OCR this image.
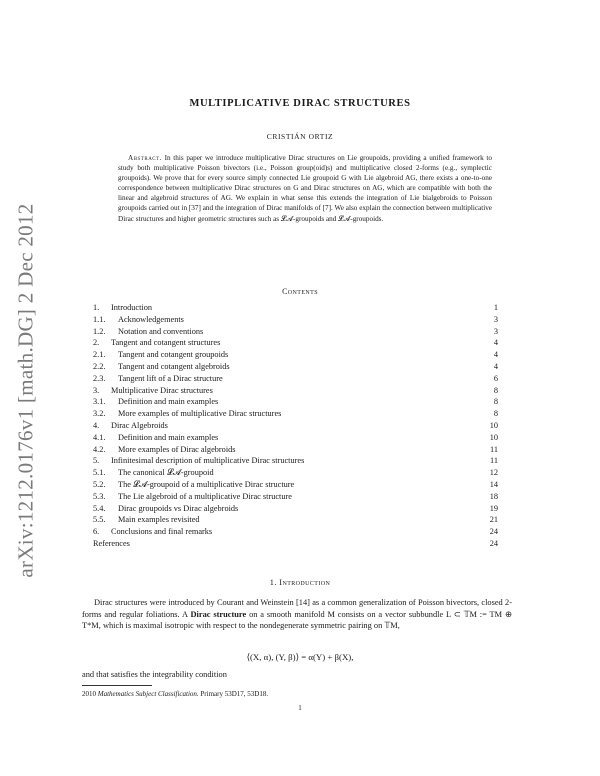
arXiv:1212.0176v1 [math.DG] 2 Dec 2012
MULTIPLICATIVE DIRAC STRUCTURES
CRISTIÁN ORTIZ
Abstract. In this paper we introduce multiplicative Dirac structures on Lie groupoids, providing a unified framework to study both multiplicative Poisson bivectors (i.e., Poisson group(oid)s) and multiplicative closed 2-forms (e.g., symplectic groupoids). We prove that for every source simply connected Lie groupoid G with Lie algebroid AG, there exists a one-to-one correspondence between multiplicative Dirac structures on G and Dirac structures on AG, which are compatible with both the linear and algebroid structures of AG. We explain in what sense this extends the integration of Lie bialgebroids to Poisson groupoids carried out in [37] and the integration of Dirac manifolds of [7]. We also explain the connection between multiplicative Dirac structures and higher geometric structures such as 𝓛𝓐-groupoids and 𝓛𝓐-groupoids.
Contents
1. Introduction	1
1.1. Acknowledgements	3
1.2. Notation and conventions	3
2. Tangent and cotangent structures	4
2.1. Tangent and cotangent groupoids	4
2.2. Tangent and cotangent algebroids	4
2.3. Tangent lift of a Dirac structure	6
3. Multiplicative Dirac structures	8
3.1. Definition and main examples	8
3.2. More examples of multiplicative Dirac structures	8
4. Dirac Algebroids	10
4.1. Definition and main examples	10
4.2. More examples of Dirac algebroids	11
5. Infinitesimal description of multiplicative Dirac structures	11
5.1. The canonical 𝓛𝓐-groupoid	12
5.2. The 𝓛𝓐-groupoid of a multiplicative Dirac structure	14
5.3. The Lie algebroid of a multiplicative Dirac structure	18
5.4. Dirac groupoids vs Dirac algebroids	19
5.5. Main examples revisited	21
6. Conclusions and final remarks	24
References	24
1. Introduction

Dirac structures were introduced by Courant and Weinstein [14] as a common generalization of Poisson bivectors, closed 2-forms and regular foliations. A Dirac structure on a smooth manifold M consists on a vector subbundle L ⊂ 𝕋M := TM ⊕ T*M, which is maximal isotropic with respect to the nondegenerate symmetric pairing on 𝕋M,

⟨(X, α), (Y, β)⟩ = α(Y) + β(X),
and that satisfies the integrability condition
2010 Mathematics Subject Classification. Primary 53D17, 53D18.
1
